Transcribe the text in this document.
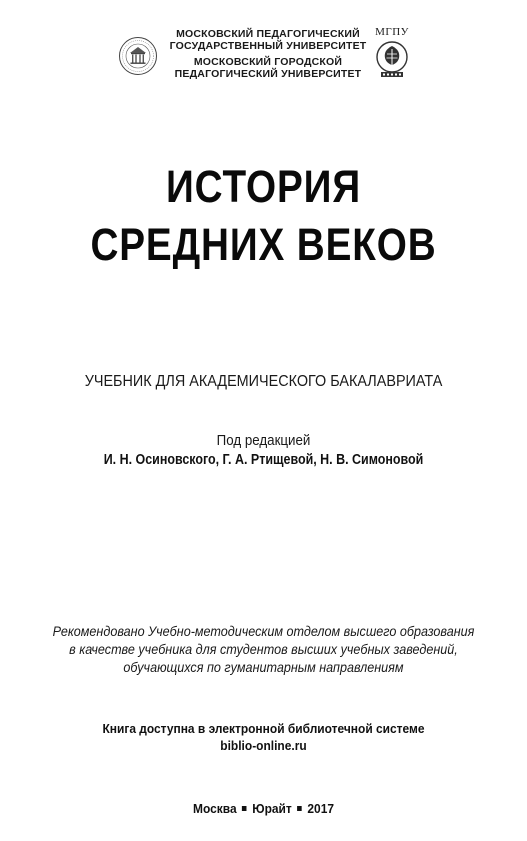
МОСКОВСКИЙ ПЕДАГОГИЧЕСКИЙ
ГОСУДАРСТВЕННЫЙ УНИВЕРСИТЕТ
МОСКОВСКИЙ ГОРОДСКОЙ
ПЕДАГОГИЧЕСКИЙ УНИВЕРСИТЕТ
МГПУ
ИСТОРИЯ
СРЕДНИХ ВЕКОВ
УЧЕБНИК ДЛЯ АКАДЕМИЧЕСКОГО БАКАЛАВРИАТА
Под редакцией
И. Н. Осиновского, Г. А. Ртищевой, Н. В. Симоновой
Рекомендовано Учебно-методическим отделом высшего образования
в качестве учебника для студентов высших учебных заведений,
обучающихся по гуманитарным направлениям
Книга доступна в электронной библиотечной системе
biblio-online.ru
Москва Юрайт 2017
